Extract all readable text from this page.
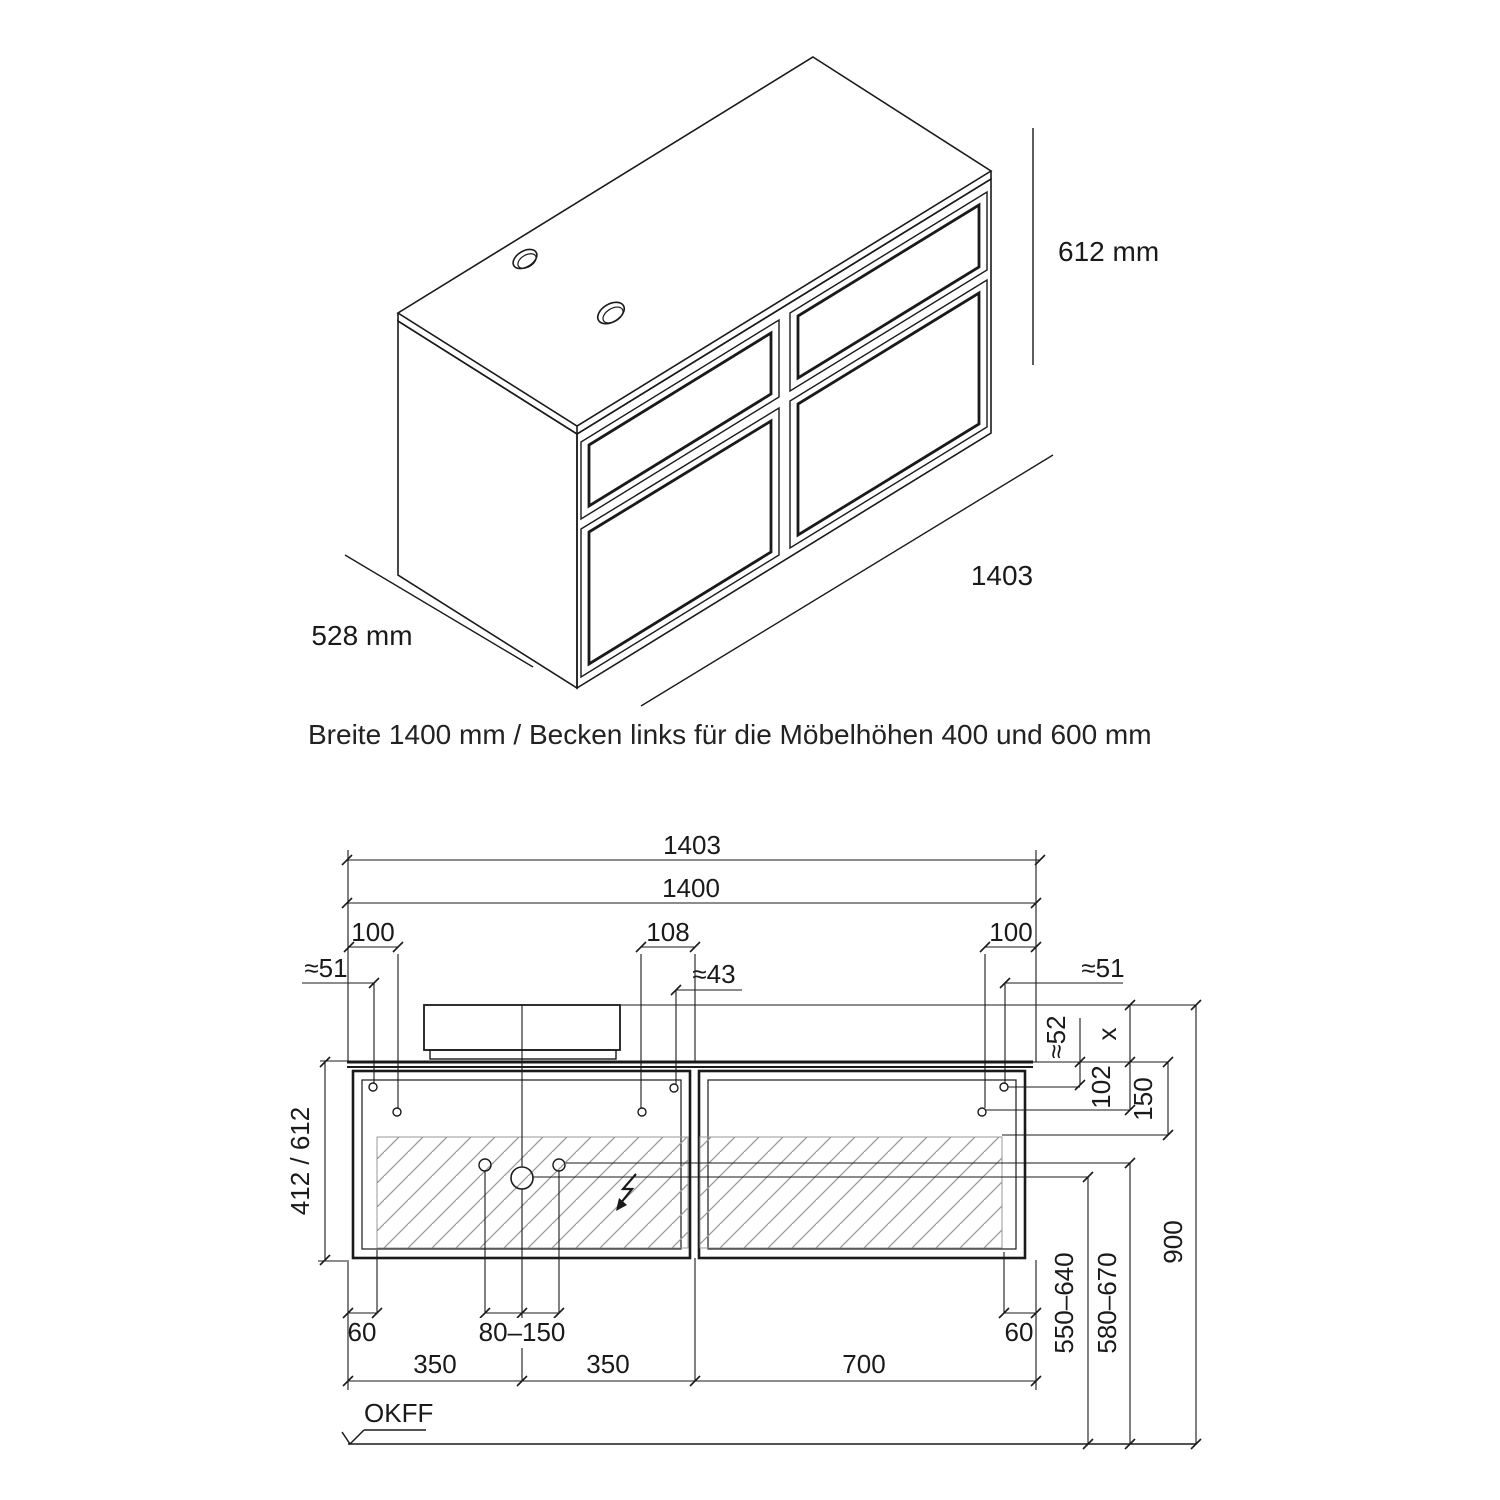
612 mm
1403
528 mm
Breite 1400 mm / Becken links für die Möbelhöhen 400 und 600 mm
1403
1400
100	108	100
≈51	≈43	≈51
412 / 612
≈52 x
102 150
550–640 580–670
900
60	80–150	60
350	350	700
OKFF
